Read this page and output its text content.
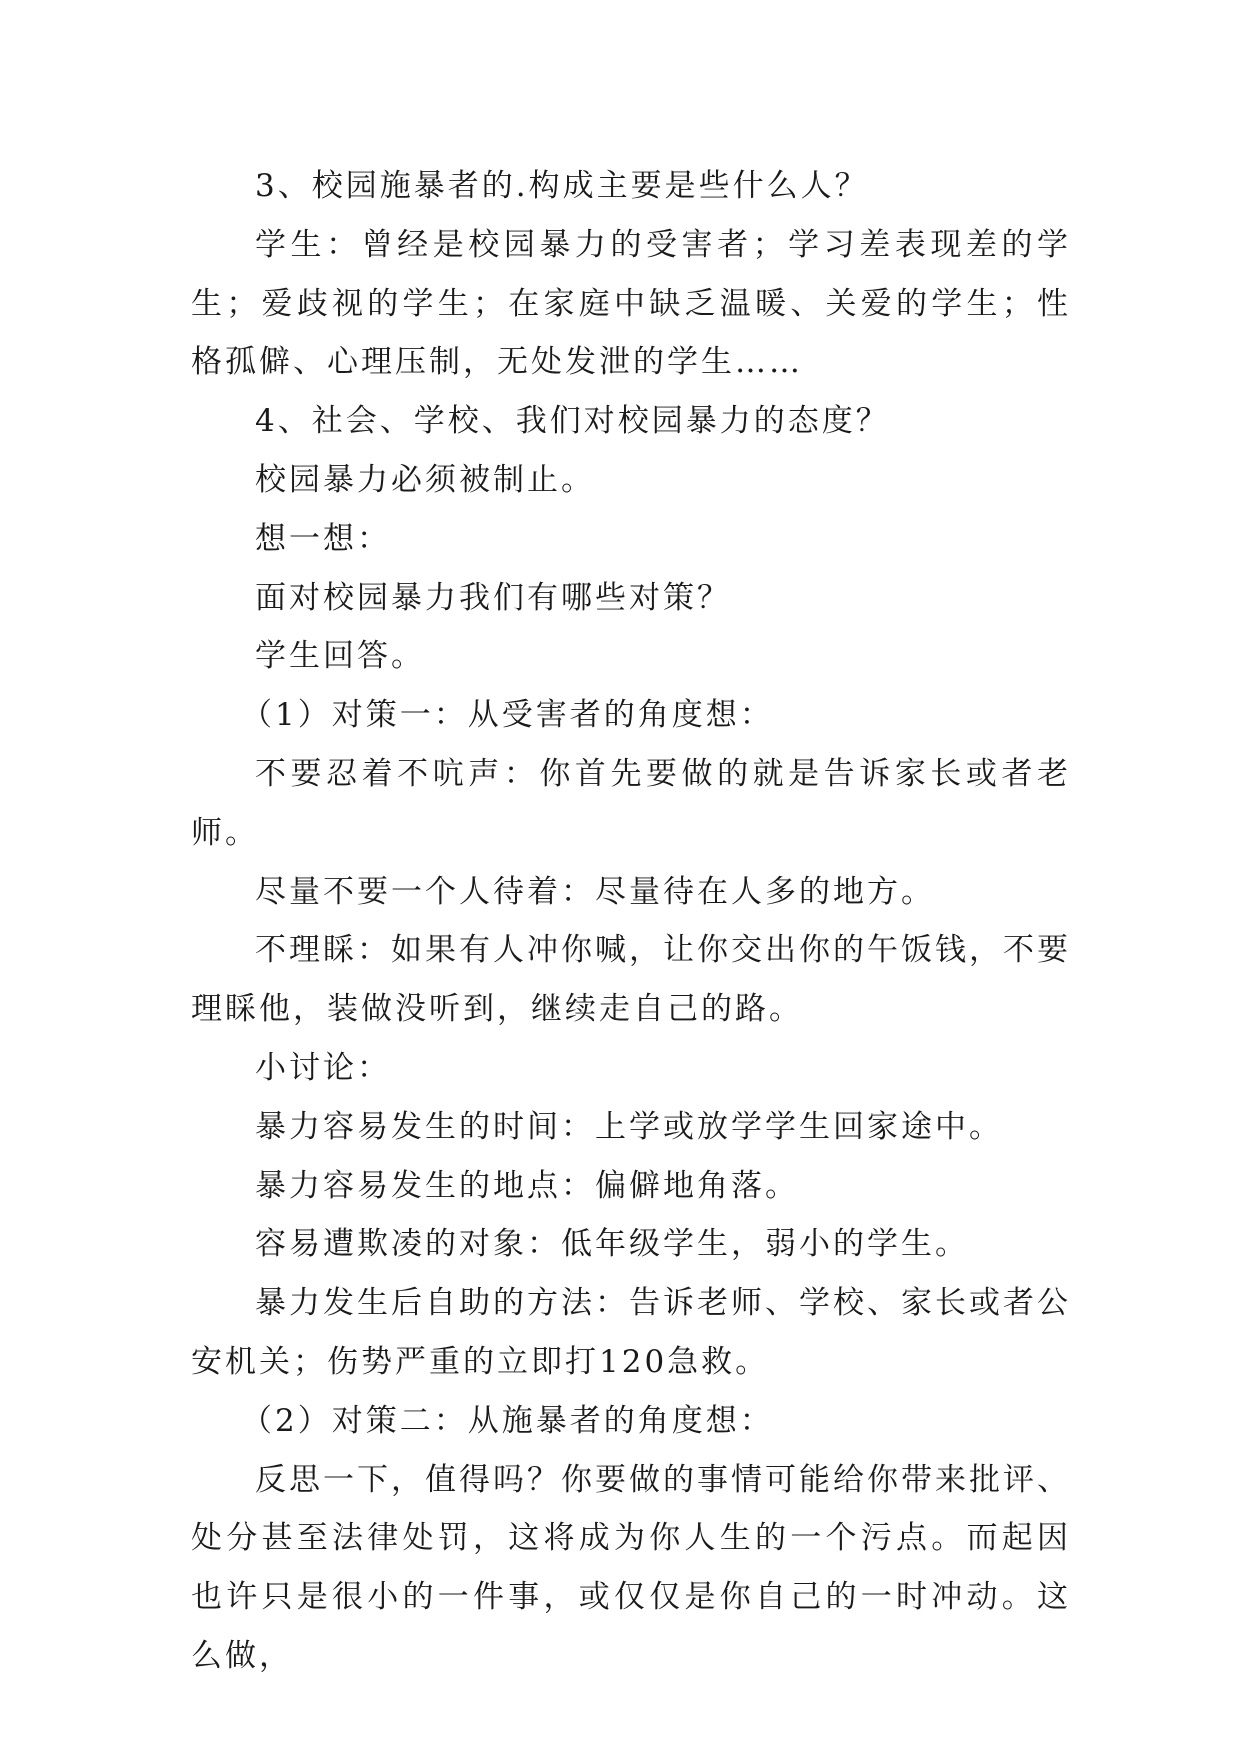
3、校园施暴者的.构成主要是些什么人？

学生：曾经是校园暴力的受害者；学习差表现差的学生；爱歧视的学生；在家庭中缺乏温暖、关爱的学生；性格孤僻、心理压制，无处发泄的学生……

4、社会、学校、我们对校园暴力的态度？

校园暴力必须被制止。

想一想：

面对校园暴力我们有哪些对策？

学生回答。

（1）对策一：从受害者的角度想：

不要忍着不吭声：你首先要做的就是告诉家长或者老师。

尽量不要一个人待着：尽量待在人多的地方。

不理睬：如果有人冲你喊，让你交出你的午饭钱，不要理睬他，装做没听到，继续走自己的路。

小讨论：

暴力容易发生的时间：上学或放学学生回家途中。

暴力容易发生的地点：偏僻地角落。

容易遭欺凌的对象：低年级学生，弱小的学生。

暴力发生后自助的方法：告诉老师、学校、家长或者公安机关；伤势严重的立即打120急救。

（2）对策二：从施暴者的角度想：

反思一下，值得吗？你要做的事情可能给你带来批评、处分甚至法律处罚，这将成为你人生的一个污点。而起因也许只是很小的一件事，或仅仅是你自己的一时冲动。这么做，
